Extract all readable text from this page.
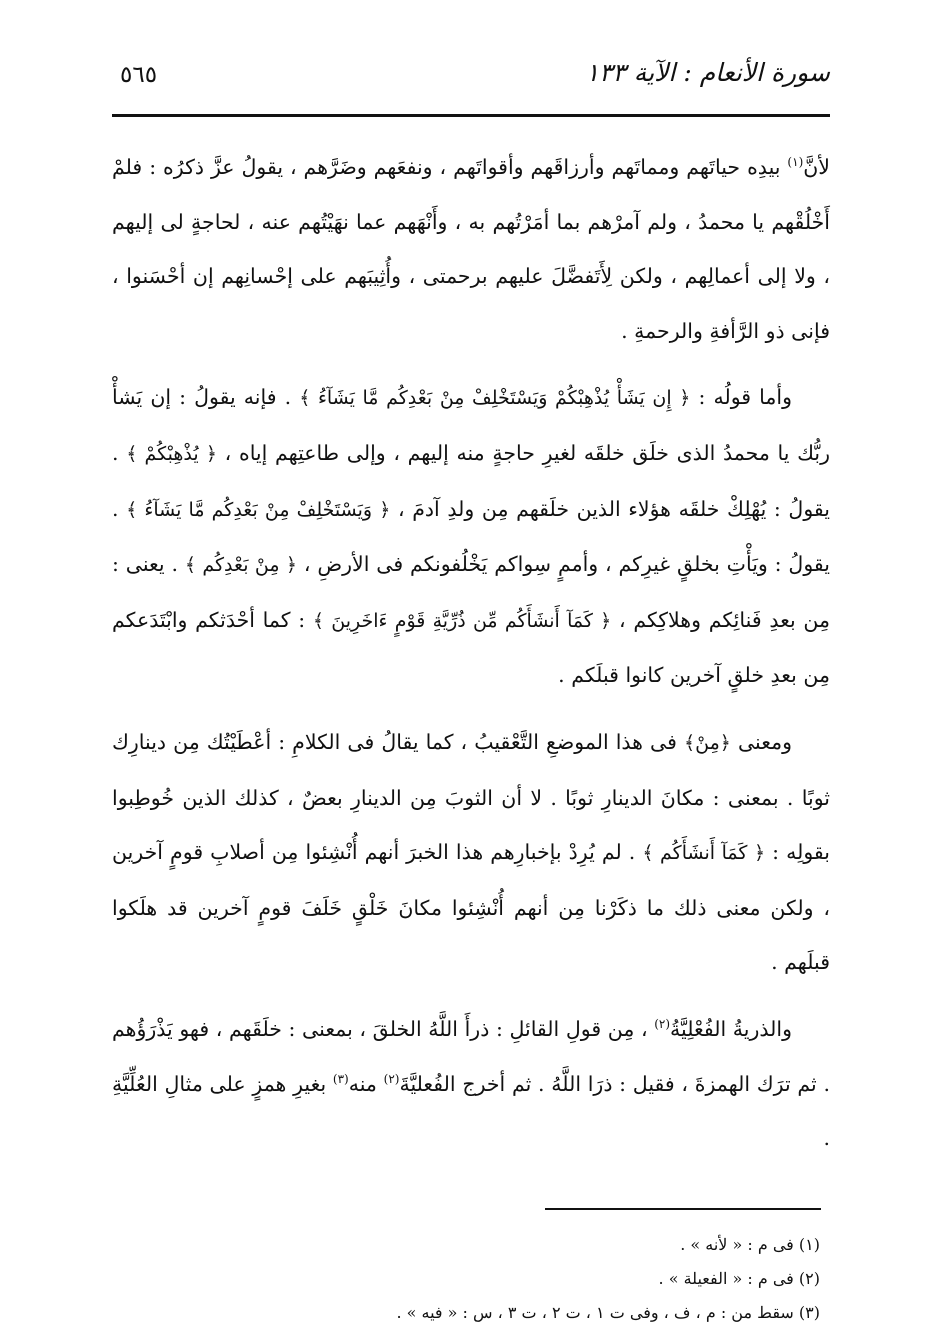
سورة الأنعام : الآية ١٣٣
٥٦٥

لأنَّ$^{(١)}$ بيدِه حياتَهم ومماتَهم وأرزاقَهم وأقواتَهم ، ونفعَهم وضَرَّهم ، يقولُ عزَّ ذكرُه : فلمْ أَخْلُقْهم يا محمدُ ، ولم آمرْهم بما أمَرْتُهم به ، وأَنْهَهم عما نهَيْتُهم عنه ، لحاجةٍ لى إليهم ، ولا إلى أعمالِهم ، ولكن لِأَتَفضَّلَ عليهم برحمتى ، وأُثِيبَهم على إحْسانِهم إن أحْسَنوا ، فإنى ذو الرَّأفةِ والرحمةِ .

وأما قولُه : ﴿ إِن يَشَأْ يُذْهِبْكُمْ وَيَسْتَخْلِفْ مِنْ بَعْدِكُم مَّا يَشَآءُ ﴾ . فإنه يقولُ : إن يَشأْ ربُّك يا محمدُ الذى خلَق خلقَه لغيرِ حاجةٍ منه إليهم ، وإلى طاعتِهم إياه ، ﴿ يُذْهِبْكُمْ ﴾ . يقولُ : يُهْلِكْ خلقَه هؤلاء الذين خلَقهم مِن ولدِ آدمَ ، ﴿ وَيَسْتَخْلِفْ مِنْ بَعْدِكُم مَّا يَشَآءُ ﴾ . يقولُ : ويَأْتِ بخلقٍ غيرِكم ، وأممٍ سِواكم يَخْلُفونكم فى الأرضِ ، ﴿ مِنْ بَعْدِكُم ﴾ . يعنى : مِن بعدِ فَنائِكم وهلاكِكم ، ﴿ كَمَآ أَنشَأَكُم مِّن ذُرِّيَّةِ قَوْمٍ ءَاخَرِينَ ﴾ : كما أحْدَثكم وابْتَدَعكم مِن بعدِ خلقٍ آخرين كانوا قبلَكم .

ومعنى ﴿مِنْ﴾ فى هذا الموضعِ التَّعْقيبُ ، كما يقالُ فى الكلامِ : أعْطَيْتُك مِن دينارِك ثوبًا . بمعنى : مكانَ الدينارِ ثوبًا . لا أن الثوبَ مِن الدينارِ بعضٌ ، كذلك الذين خُوطِبوا بقولِه : ﴿ كَمَآ أَنشَأَكُم ﴾ . لم يُرِدْ بإخبارِهم هذا الخبرَ أنهم أُنْشِئوا مِن أصلابِ قومٍ آخرين ، ولكن معنى ذلك ما ذكَرْنا مِن أنهم أُنْشِئوا مكانَ خَلْقٍ خَلَفَ قومٍ آخرين قد هلَكوا قبلَهم .

والذريةُ الفُعْلِيَّةُ$^{(٢)}$ ، مِن قولِ القائلِ : ذرأَ اللَّهُ الخلقَ ، بمعنى : خلَقَهم ، فهو يَذْرَؤُهم . ثم ترَك الهمزةَ ، فقيل : ذرَا اللَّهُ . ثم أخرج الفُعليَّةَ$^{(٢)}$ منه$^{(٣)}$ بغيرِ همزٍ على مثالِ العُلِّيَّةِ .

(١) فى م : « لأنه » .
(٢) فى م : « الفعيلة » .
(٣) سقط من : م ، ف ، وفى ت ١ ، ت ٢ ، ت ٣ ، س : « فيه » .
